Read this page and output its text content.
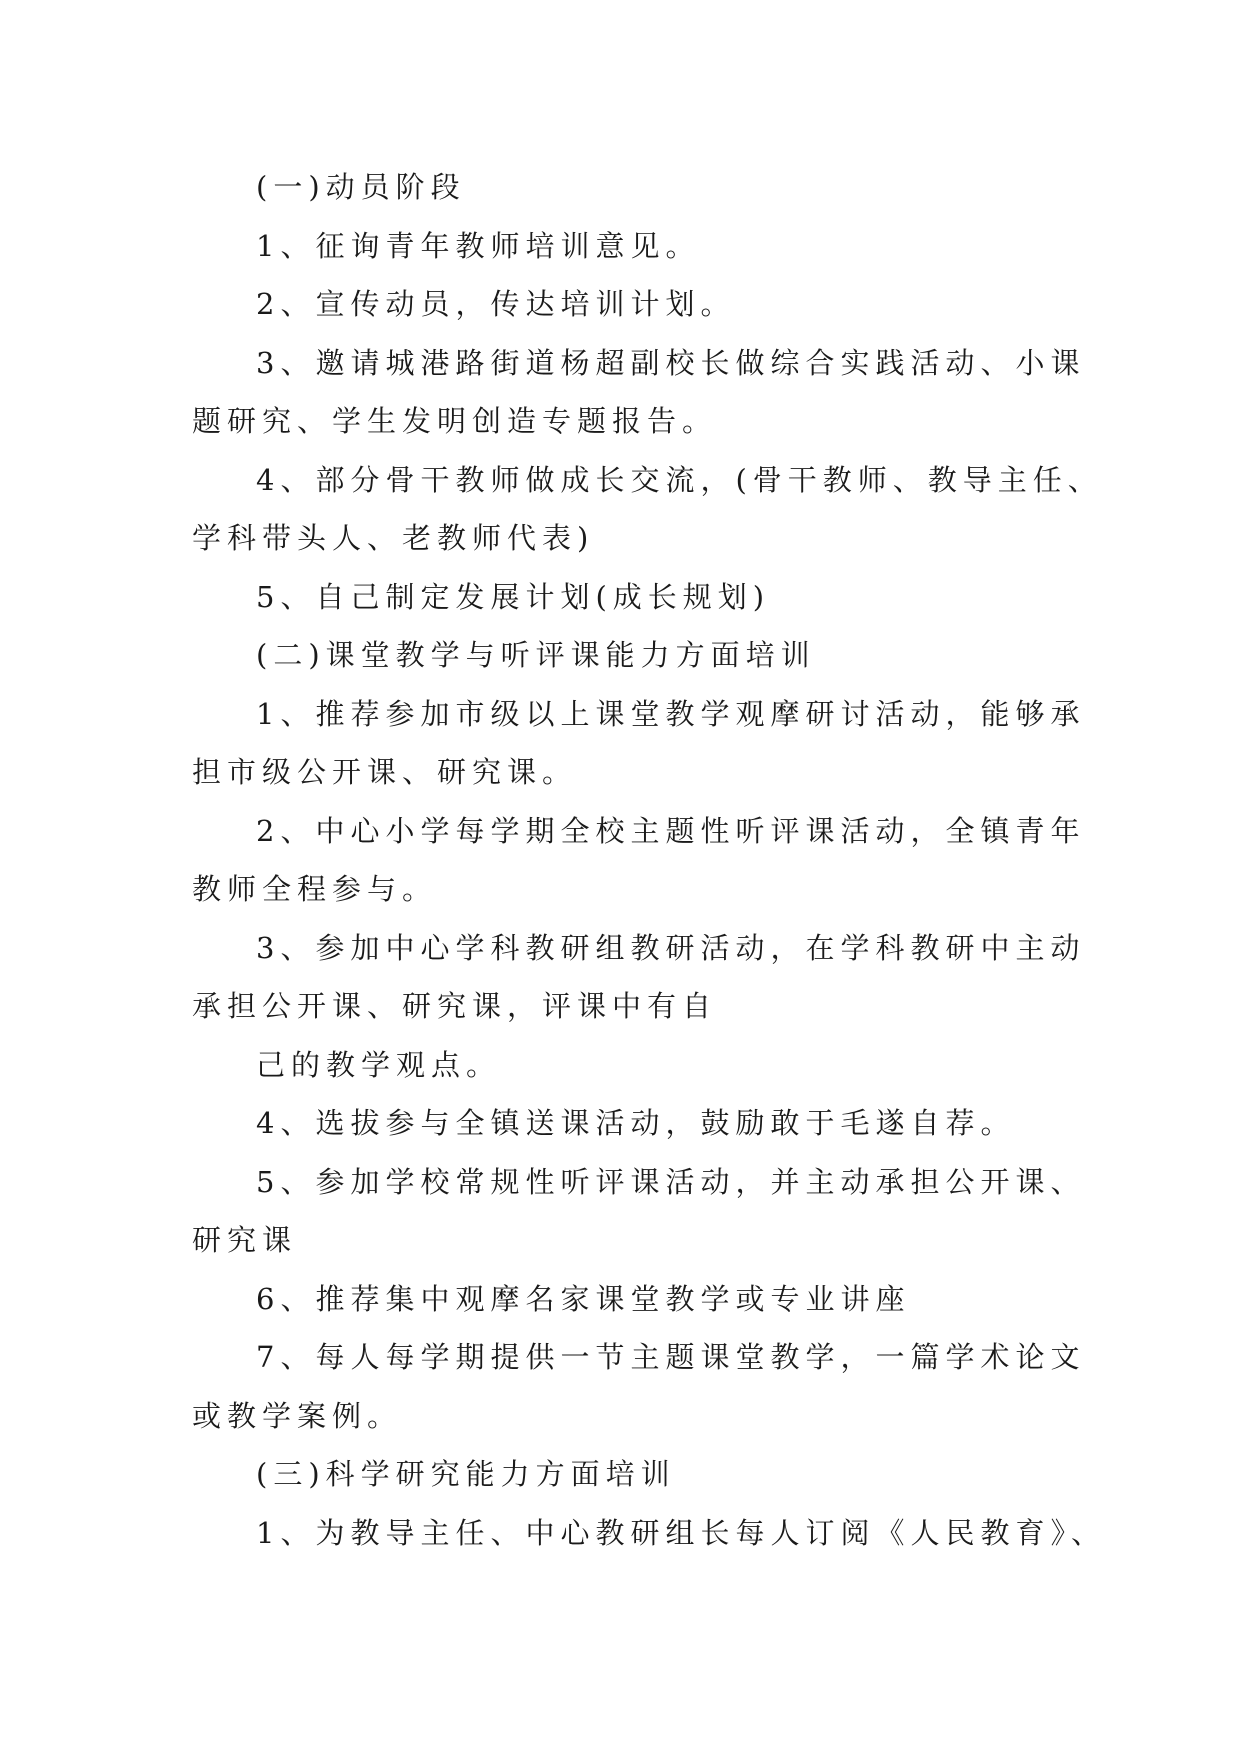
(一)动员阶段
1、征询青年教师培训意见。
2、宣传动员，传达培训计划。
3、邀请城港路街道杨超副校长做综合实践活动、小课
题研究、学生发明创造专题报告。
4、部分骨干教师做成长交流，(骨干教师、教导主任、
学科带头人、老教师代表)
5、自己制定发展计划(成长规划)
(二)课堂教学与听评课能力方面培训
1、推荐参加市级以上课堂教学观摩研讨活动，能够承
担市级公开课、研究课。
2、中心小学每学期全校主题性听评课活动，全镇青年
教师全程参与。
3、参加中心学科教研组教研活动，在学科教研中主动
承担公开课、研究课，评课中有自
己的教学观点。
4、选拔参与全镇送课活动，鼓励敢于毛遂自荐。
5、参加学校常规性听评课活动，并主动承担公开课、
研究课
6、推荐集中观摩名家课堂教学或专业讲座
7、每人每学期提供一节主题课堂教学，一篇学术论文
或教学案例。
(三)科学研究能力方面培训
1、为教导主任、中心教研组长每人订阅《人民教育》、
